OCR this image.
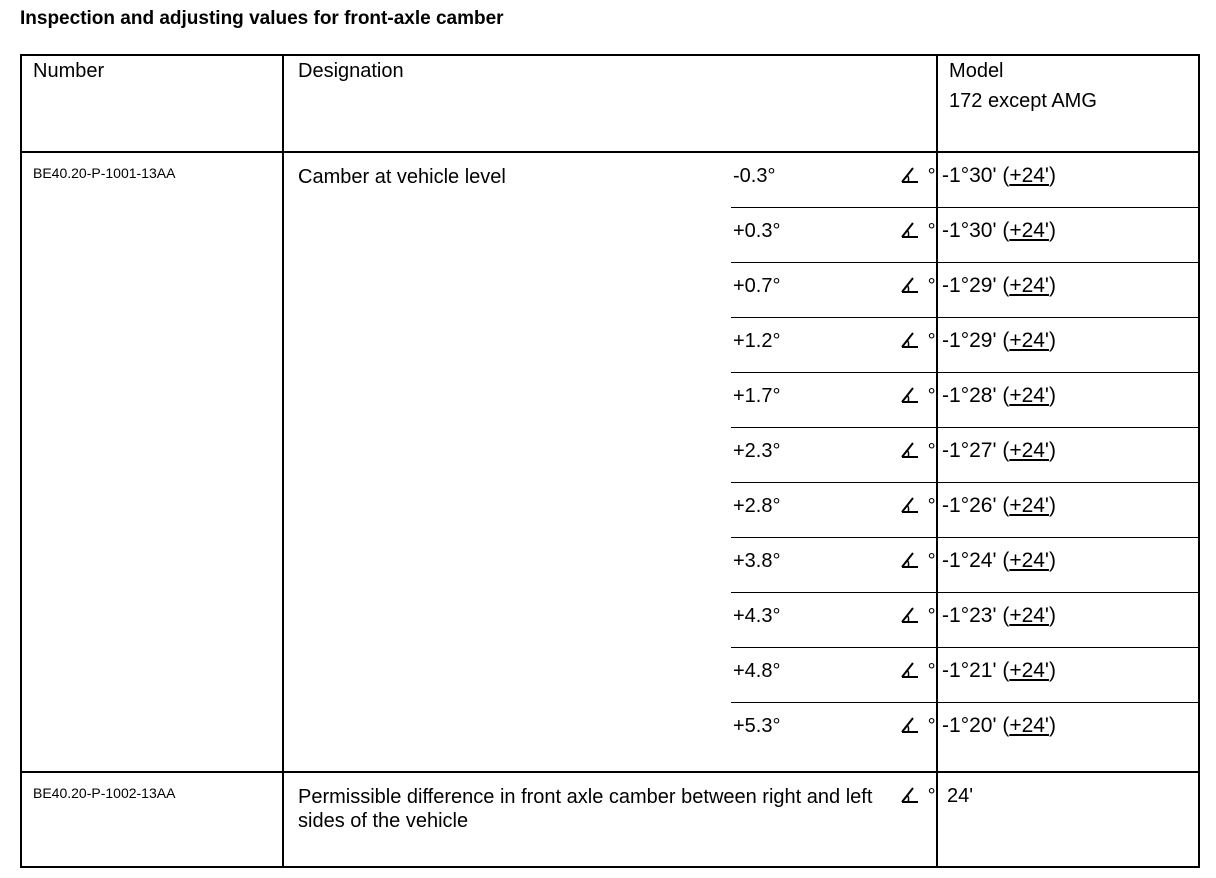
Inspection and adjusting values for front-axle camber
Number	Designation			Model
172 except AMG

BE40.20-P-1001-13AA	Camber at vehicle level	-0.3°	°	-1°30' (+24')
		+0.3°	°	-1°30' (+24')
		+0.7°	°	-1°29' (+24')
		+1.2°	°	-1°29' (+24')
		+1.7°	°	-1°28' (+24')
		+2.3°	°	-1°27' (+24')
		+2.8°	°	-1°26' (+24')
		+3.8°	°	-1°24' (+24')
		+4.3°	°	-1°23' (+24')
		+4.8°	°	-1°21' (+24')
		+5.3°	°	-1°20' (+24')
BE40.20-P-1002-13AA	Permissible difference in front axle camber between right and left sides of the vehicle		°	24'
